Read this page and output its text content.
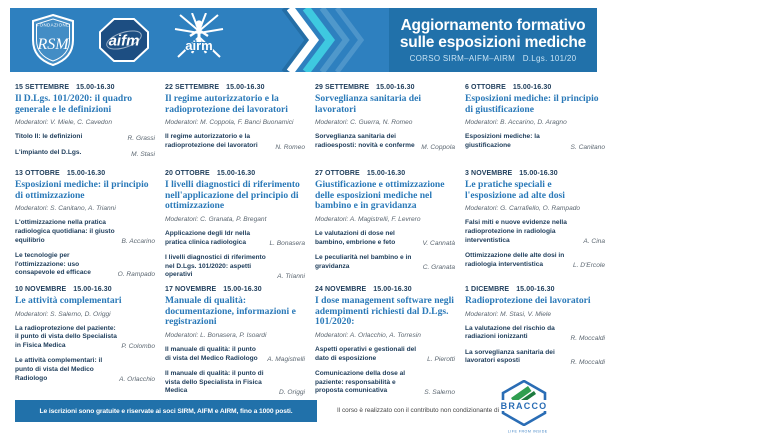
FONDAZIONE
RSM	aifm	airm
Aggiornamento formativo
sulle esposizioni mediche
CORSO SIRM–AIFM–AIRM   D.Lgs. 101/20
15 SETTEMBRE 15.00-16.30
Il D.Lgs. 101/2020: il quadro generale e le definizioni
Moderatori: V. Miele, C. Cavedon
Titolo II: le definizioni	R. Grassi
L'impianto del D.Lgs.	M. Stasi
22 SETTEMBRE 15.00-16.30
Il regime autorizzatorio e la radioprotezione dei lavoratori
Moderatori: M. Coppola, F. Banci Buonamici
Il regime autorizzatorio e la radioprotezione dei lavoratori	N. Romeo
29 SETTEMBRE 15.00-16.30
Sorveglianza sanitaria dei lavoratori
Moderatori: C. Guerra, N. Romeo
Sorveglianza sanitaria dei radioesposti: novità e conferme M. Coppola
6 OTTOBRE 15.00-16.30
Esposizioni mediche: il principio di giustificazione
Moderatori: B. Accarino, D. Aragno
Esposizioni mediche: la giustificazione	S. Canitano
13 OTTOBRE 15.00-16.30
Esposizioni mediche: il principio di ottimizzazione
Moderatori: S. Canitano, A. Trianni
L'ottimizzazione nella pratica radiologica quotidiana: il giusto equilibrio	B. Accarino
Le tecnologie per l'ottimizzazione: uso consapevole ed efficace	O. Rampado
20 OTTOBRE 15.00-16.30
I livelli diagnostici di riferimento nell'applicazione del principio di ottimizzazione
Moderatori: C. Granata, P. Bregant
Applicazione degli ldr nella pratica clinica radiologica	L. Bonasera
I livelli diagnostici di riferimento nel D.Lgs. 101/2020: aspetti operativi	A. Trianni
27 OTTOBRE 15.00-16.30
Giustificazione e ottimizzazione delle esposizioni mediche nel bambino e in gravidanza
Moderatori: A. Magistrelli, F. Levrero
Le valutazioni di dose nel bambino, embrione e feto	V. Cannatà
Le peculiarità nel bambino e in gravidanza	C. Granata
3 NOVEMBRE 15.00-16.30
Le pratiche speciali e l'esposizione ad alte dosi
Moderatori: G. Carrafiello, O. Rampado
Falsi miti e nuove evidenze nella radioprotezione in radiologia interventistica	A. Cina
Ottimizzazione delle alte dosi in radiologia interventistica	L. D'Ercole
10 NOVEMBRE 15.00-16.30
Le attività complementari
Moderatori: S. Salerno, D. Origgi
La radioprotezione del paziente: il punto di vista dello Specialista in Fisica Medica	P. Colombo
Le attività complementari: il punto di vista del Medico Radiologo	A. Orlacchio
17 NOVEMBRE 15.00-16.30
Manuale di qualità: documentazione, informazioni e registrazioni
Moderatori: L. Bonasera, P. Isoardi
Il manuale di qualità: il punto di vista del Medico Radiologo	A. Magistrelli
Il manuale di qualità: il punto di vista dello Specialista in Fisica Medica	D. Origgi
24 NOVEMBRE 15.00-16.30
I dose management software negli adempimenti richiesti dal D.Lgs. 101/2020:
Moderatori: A. Orlacchio, A. Torresin
Aspetti operativi e gestionali del dato di esposizione	L. Pierotti
Comunicazione della dose al paziente: responsabilità e proposta comunicativa	S. Salerno
1 DICEMBRE 15.00-16.30
Radioprotezione dei lavoratori
Moderatori: M. Stasi, V. Miele
La valutazione del rischio da radiazioni ionizzanti	R. Moccaldi
La sorveglianza sanitaria dei lavoratori esposti	R. Moccaldi
Le iscrizioni sono gratuite e riservate ai soci SIRM, AIFM e AIRM, fino a 1000 posti.	Il corso è realizzato con il contributo non condizionante di BRACCO
LIFE FROM INSIDE
